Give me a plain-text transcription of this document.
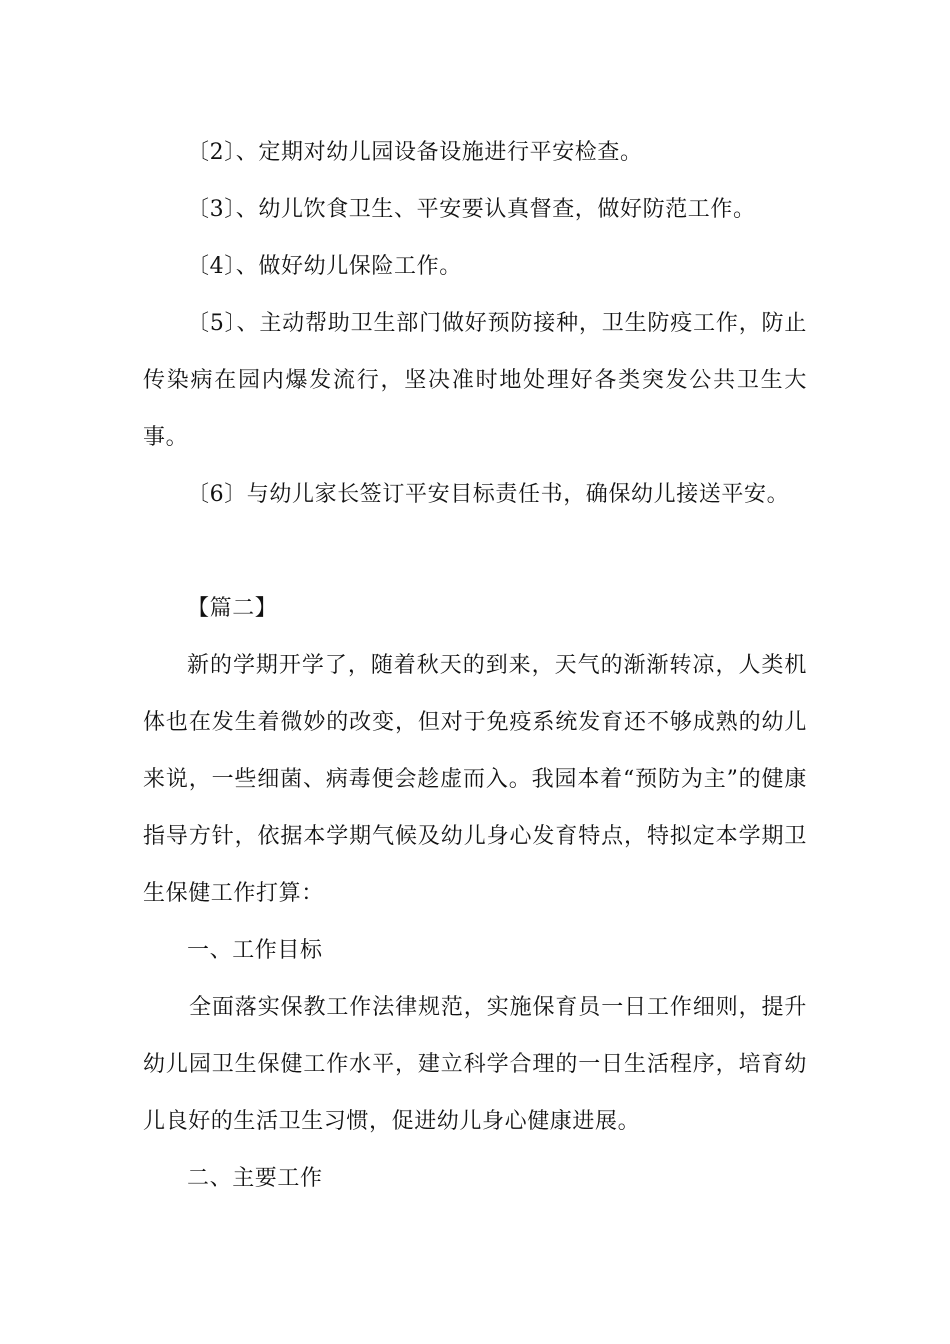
〔2〕、定期对幼儿园设备设施进行平安检查。

〔3〕、幼儿饮食卫生、平安要认真督查，做好防范工作。

〔4〕、做好幼儿保险工作。

〔5〕、主动帮助卫生部门做好预防接种，卫生防疫工作，防止传染病在园内爆发流行，坚决准时地处理好各类突发公共卫生大事。

〔6〕与幼儿家长签订平安目标责任书，确保幼儿接送平安。

【篇二】

新的学期开学了，随着秋天的到来，天气的渐渐转凉，人类机体也在发生着微妙的改变，但对于免疫系统发育还不够成熟的幼儿来说，一些细菌、病毒便会趁虚而入。我园本着“预防为主”的健康指导方针，依据本学期气候及幼儿身心发育特点，特拟定本学期卫生保健工作打算：

一、工作目标

全面落实保教工作法律规范，实施保育员一日工作细则，提升幼儿园卫生保健工作水平，建立科学合理的一日生活程序，培育幼儿良好的生活卫生习惯，促进幼儿身心健康进展。

二、主要工作
